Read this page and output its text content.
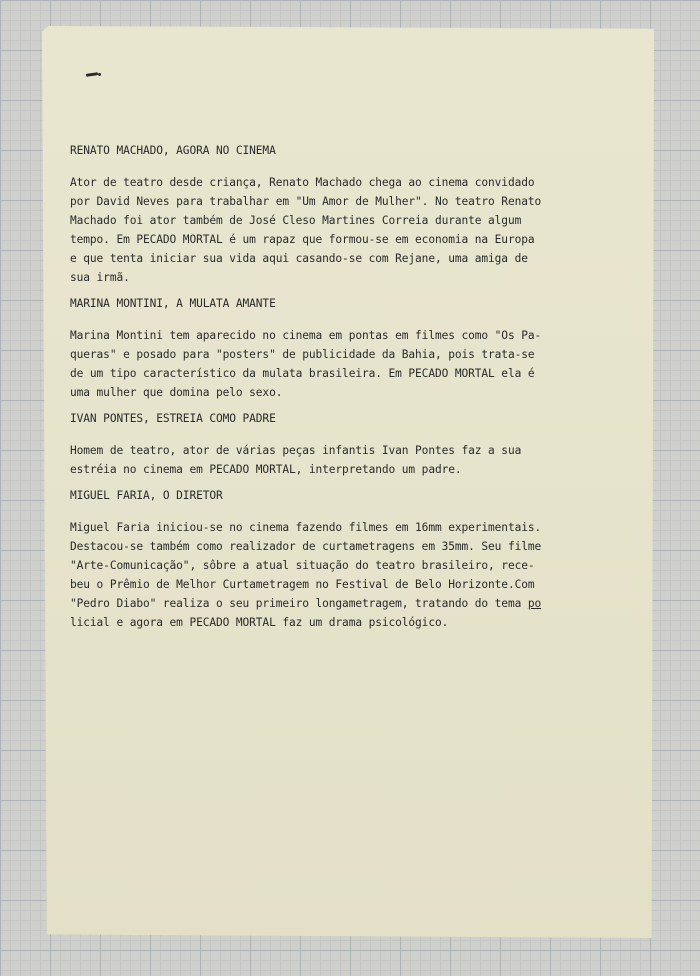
RENATO MACHADO, AGORA NO CINEMA
Ator de teatro desde criança, Renato Machado chega ao cinema convidado
por David Neves para trabalhar em "Um Amor de Mulher". No teatro Renato
Machado foi ator também de José Cleso Martines Correia durante algum
tempo. Em PECADO MORTAL é um rapaz que formou-se em economia na Europa
e que tenta iniciar sua vida aqui casando-se com Rejane, uma amiga de
sua irmã.
MARINA MONTINI, A MULATA AMANTE
Marina Montini tem aparecido no cinema em pontas em filmes como "Os Pa-
queras" e posado para "posters" de publicidade da Bahia, pois trata-se
de um tipo característico da mulata brasileira. Em PECADO MORTAL ela é
uma mulher que domina pelo sexo.
IVAN PONTES, ESTREIA COMO PADRE
Homem de teatro, ator de várias peças infantis Ivan Pontes faz a sua
estréia no cinema em PECADO MORTAL, interpretando um padre.
MIGUEL FARIA, O DIRETOR
Miguel Faria iniciou-se no cinema fazendo filmes em 16mm experimentais.
Destacou-se também como realizador de curtametragens em 35mm. Seu filme
"Arte-Comunicação", sôbre a atual situação do teatro brasileiro, rece-
beu o Prêmio de Melhor Curtametragem no Festival de Belo Horizonte.Com
"Pedro Diabo" realiza o seu primeiro longametragem, tratando do tema po
licial e agora em PECADO MORTAL faz um drama psicológico.
